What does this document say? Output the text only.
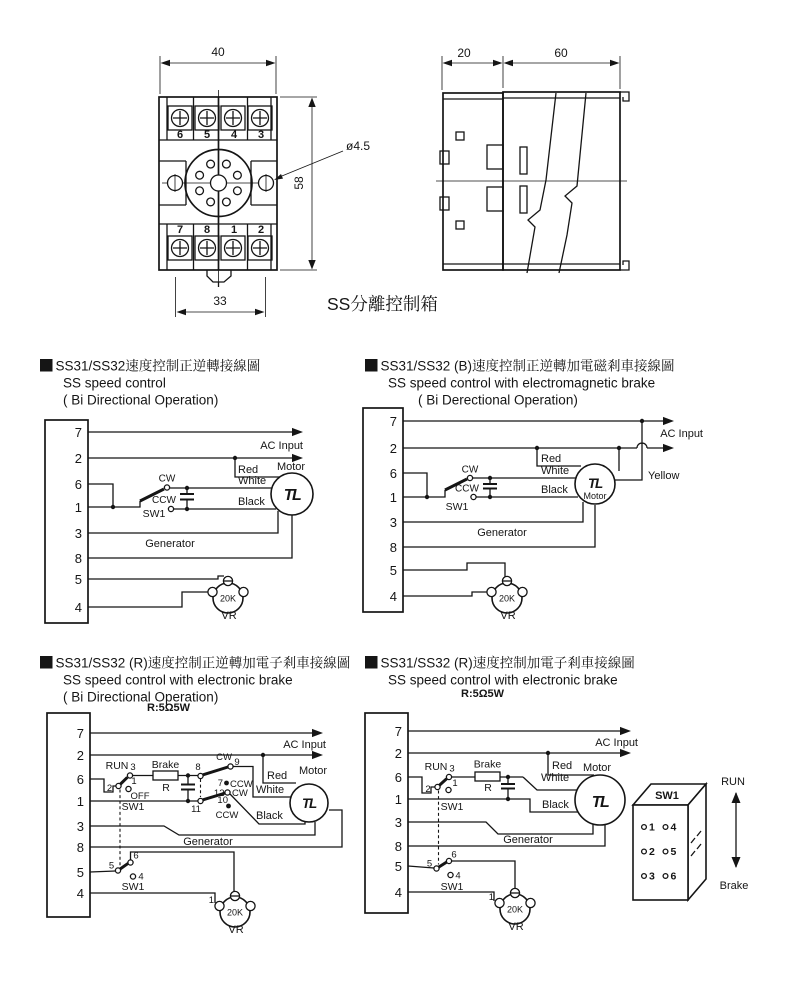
6 5 4 3
7 8 1 2
40
58
33
ø4.5
20	60
SS分離控制箱
SS31/SS32速度控制正逆轉接線圖
SS speed control
( Bi Directional Operation)
SS31/SS32 (B)速度控制正逆轉加電磁剎車接線圖
SS speed control with electromagnetic brake
( Bi Derectional Operation)
SS31/SS32 (R)速度控制正逆轉加電子剎車接線圖
SS speed control with electronic brake
( Bi Directional Operation)
R:5Ω5W
SS31/SS32 (R)速度控制加電子剎車接線圖
SS speed control with electronic brake
R:5Ω5W
7
2
6
1
3
8
5
4
CW
CCW
SW1
AC Input
Red
White
Black
Generator
TL
Motor
20K
VR
7
2
6
1
3
8
5
4
CW
CCW
SW1
AC Input
Red
White
Black
Yellow
Generator
TL
Motor
20K
VR
7
2
6
1
3
8
5
4
RUN 3
2
1
OFF
SW1
Brake
R
8	9
CW
7 CCW
12 CW
11
10
CCW
6
5
4
SW1
AC Input
Red
White
Black
Generator
TL
Motor
1
20K
VR
7
2
6
1
3
8
5
4
RUN 3
2
1
SW1
Brake
R
6
5
4
SW1
AC Input
Red
White
Black
Generator
TL
Motor
1
20K
VR
SW1
1 4
2 5
3 6
RUN
Brake
